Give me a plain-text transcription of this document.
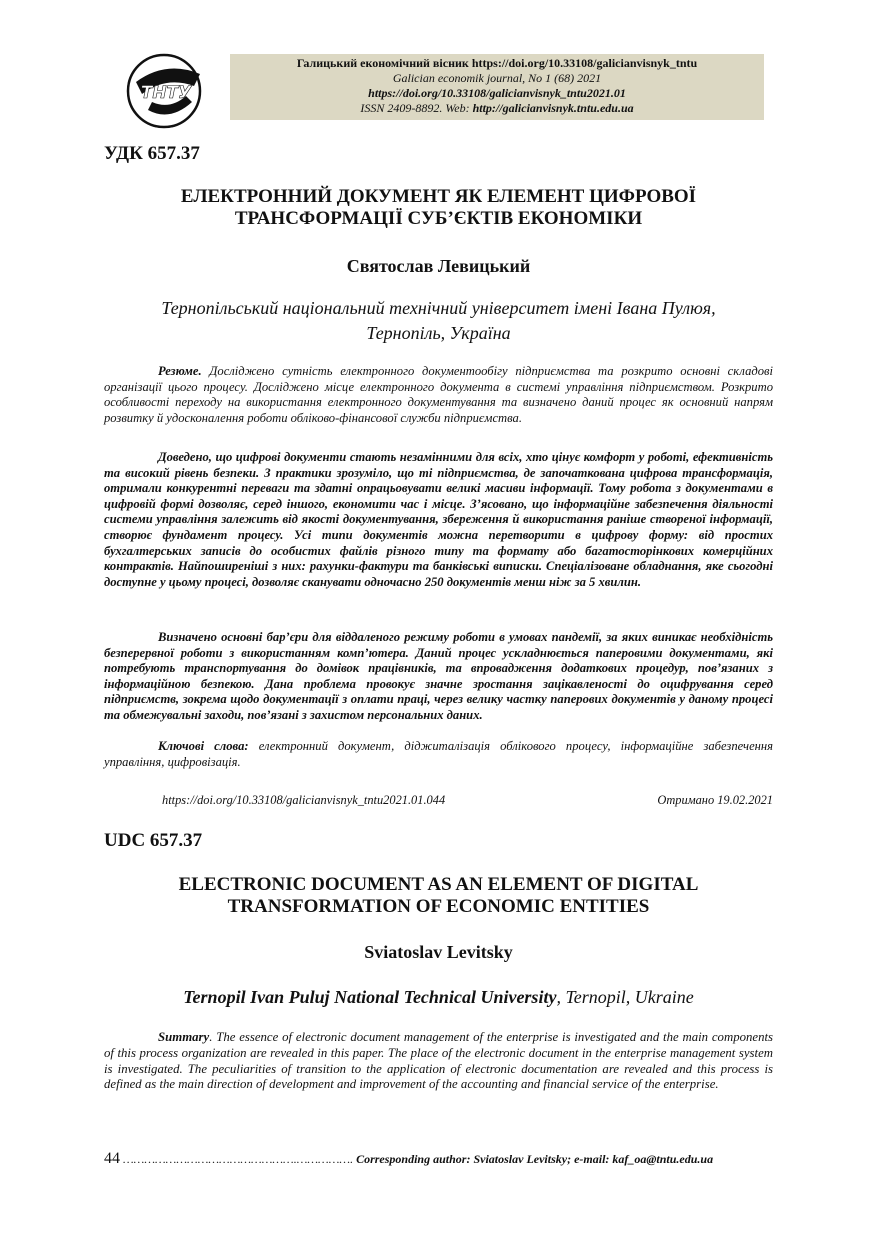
ТНТУ
Галицький економічний вісник https://doi.org/10.33108/galicianvisnyk_tntu
Galician economik journal, No 1 (68) 2021
https://doi.org/10.33108/galicianvisnyk_tntu2021.01
ISSN 2409-8892. Web: http://galicianvisnyk.tntu.edu.ua
УДК 657.37
ЕЛЕКТРОННИЙ ДОКУМЕНТ ЯК ЕЛЕМЕНТ ЦИФРОВОЇ
ТРАНСФОРМАЦІЇ СУБ’ЄКТІВ ЕКОНОМІКИ
Святослав Левицький
Тернопільський національний технічний університет імені Івана Пулюя,
Тернопіль, Україна
Резюме. Досліджено сутність електронного документообігу підприємства та розкрито основні складові організації цього процесу. Досліджено місце електронного документа в системі управління підприємством. Розкрито особливості переходу на використання електронного документування та визначено даний процес як основний напрям розвитку й удосконалення роботи обліково-фінансової служби підприємства.
Доведено, що цифрові документи стають незамінними для всіх, хто цінує комфорт у роботі, ефективність та високий рівень безпеки. З практики зрозуміло, що ті підприємства, де започаткована цифрова трансформація, отримали конкурентні переваги та здатні опрацьовувати великі масиви інформації. Тому робота з документами в цифровій формі дозволяє, серед іншого, економити час і місце. З’ясовано, що інформаційне забезпечення діяльності системи управління залежить від якості документування, збереження й використання раніше створеної інформації, створює фундамент процесу. Усі типи документів можна перетворити в цифрову форму: від простих бухгалтерських записів до особистих файлів різного типу та формату або багатосторінкових комерційних контрактів. Найпоширеніші з них: рахунки-фактури та банківські виписки. Спеціалізоване обладнання, яке сьогодні доступне у цьому процесі, дозволяє сканувати одночасно 250 документів менш ніж за 5 хвилин.
Визначено основні бар’єри для віддаленого режиму роботи в умовах пандемії, за яких виникає необхідність безперервної роботи з використанням комп’ютера. Даний процес ускладнюється паперовими документами, які потребують транспортування до домівок працівників, та впровадження додаткових процедур, пов’язаних з інформаційною безпекою. Дана проблема провокує значне зростання зацікавленості до оцифрування серед підприємств, зокрема щодо документації з оплати праці, через велику частку паперових документів у даному процесі та обмежувальні заходи, пов’язані з захистом персональних даних.
Ключові слова: електронний документ, діджиталізація облікового процесу, інформаційне забезпечення управління, цифровізація.
https://doi.org/10.33108/galicianvisnyk_tntu2021.01.044	Отримано 19.02.2021
UDC 657.37
ELECTRONIC DOCUMENT AS AN ELEMENT OF DIGITAL
TRANSFORMATION OF ECONOMIC ENTITIES
Sviatoslav Levitsky
Ternopil Ivan Puluj National Technical University, Ternopil, Ukraine
Summary. The essence of electronic document management of the enterprise is investigated and the main components of this process organization are revealed in this paper. The place of the electronic document in the enterprise management system is investigated. The peculiarities of transition to the application of electronic documentation are revealed and this process is defined as the main direction of development and improvement of the accounting and financial service of the enterprise.
44 ………………………………………….……………. Corresponding author: Sviatoslav Levitsky; e-mail: kaf_oa@tntu.edu.ua
